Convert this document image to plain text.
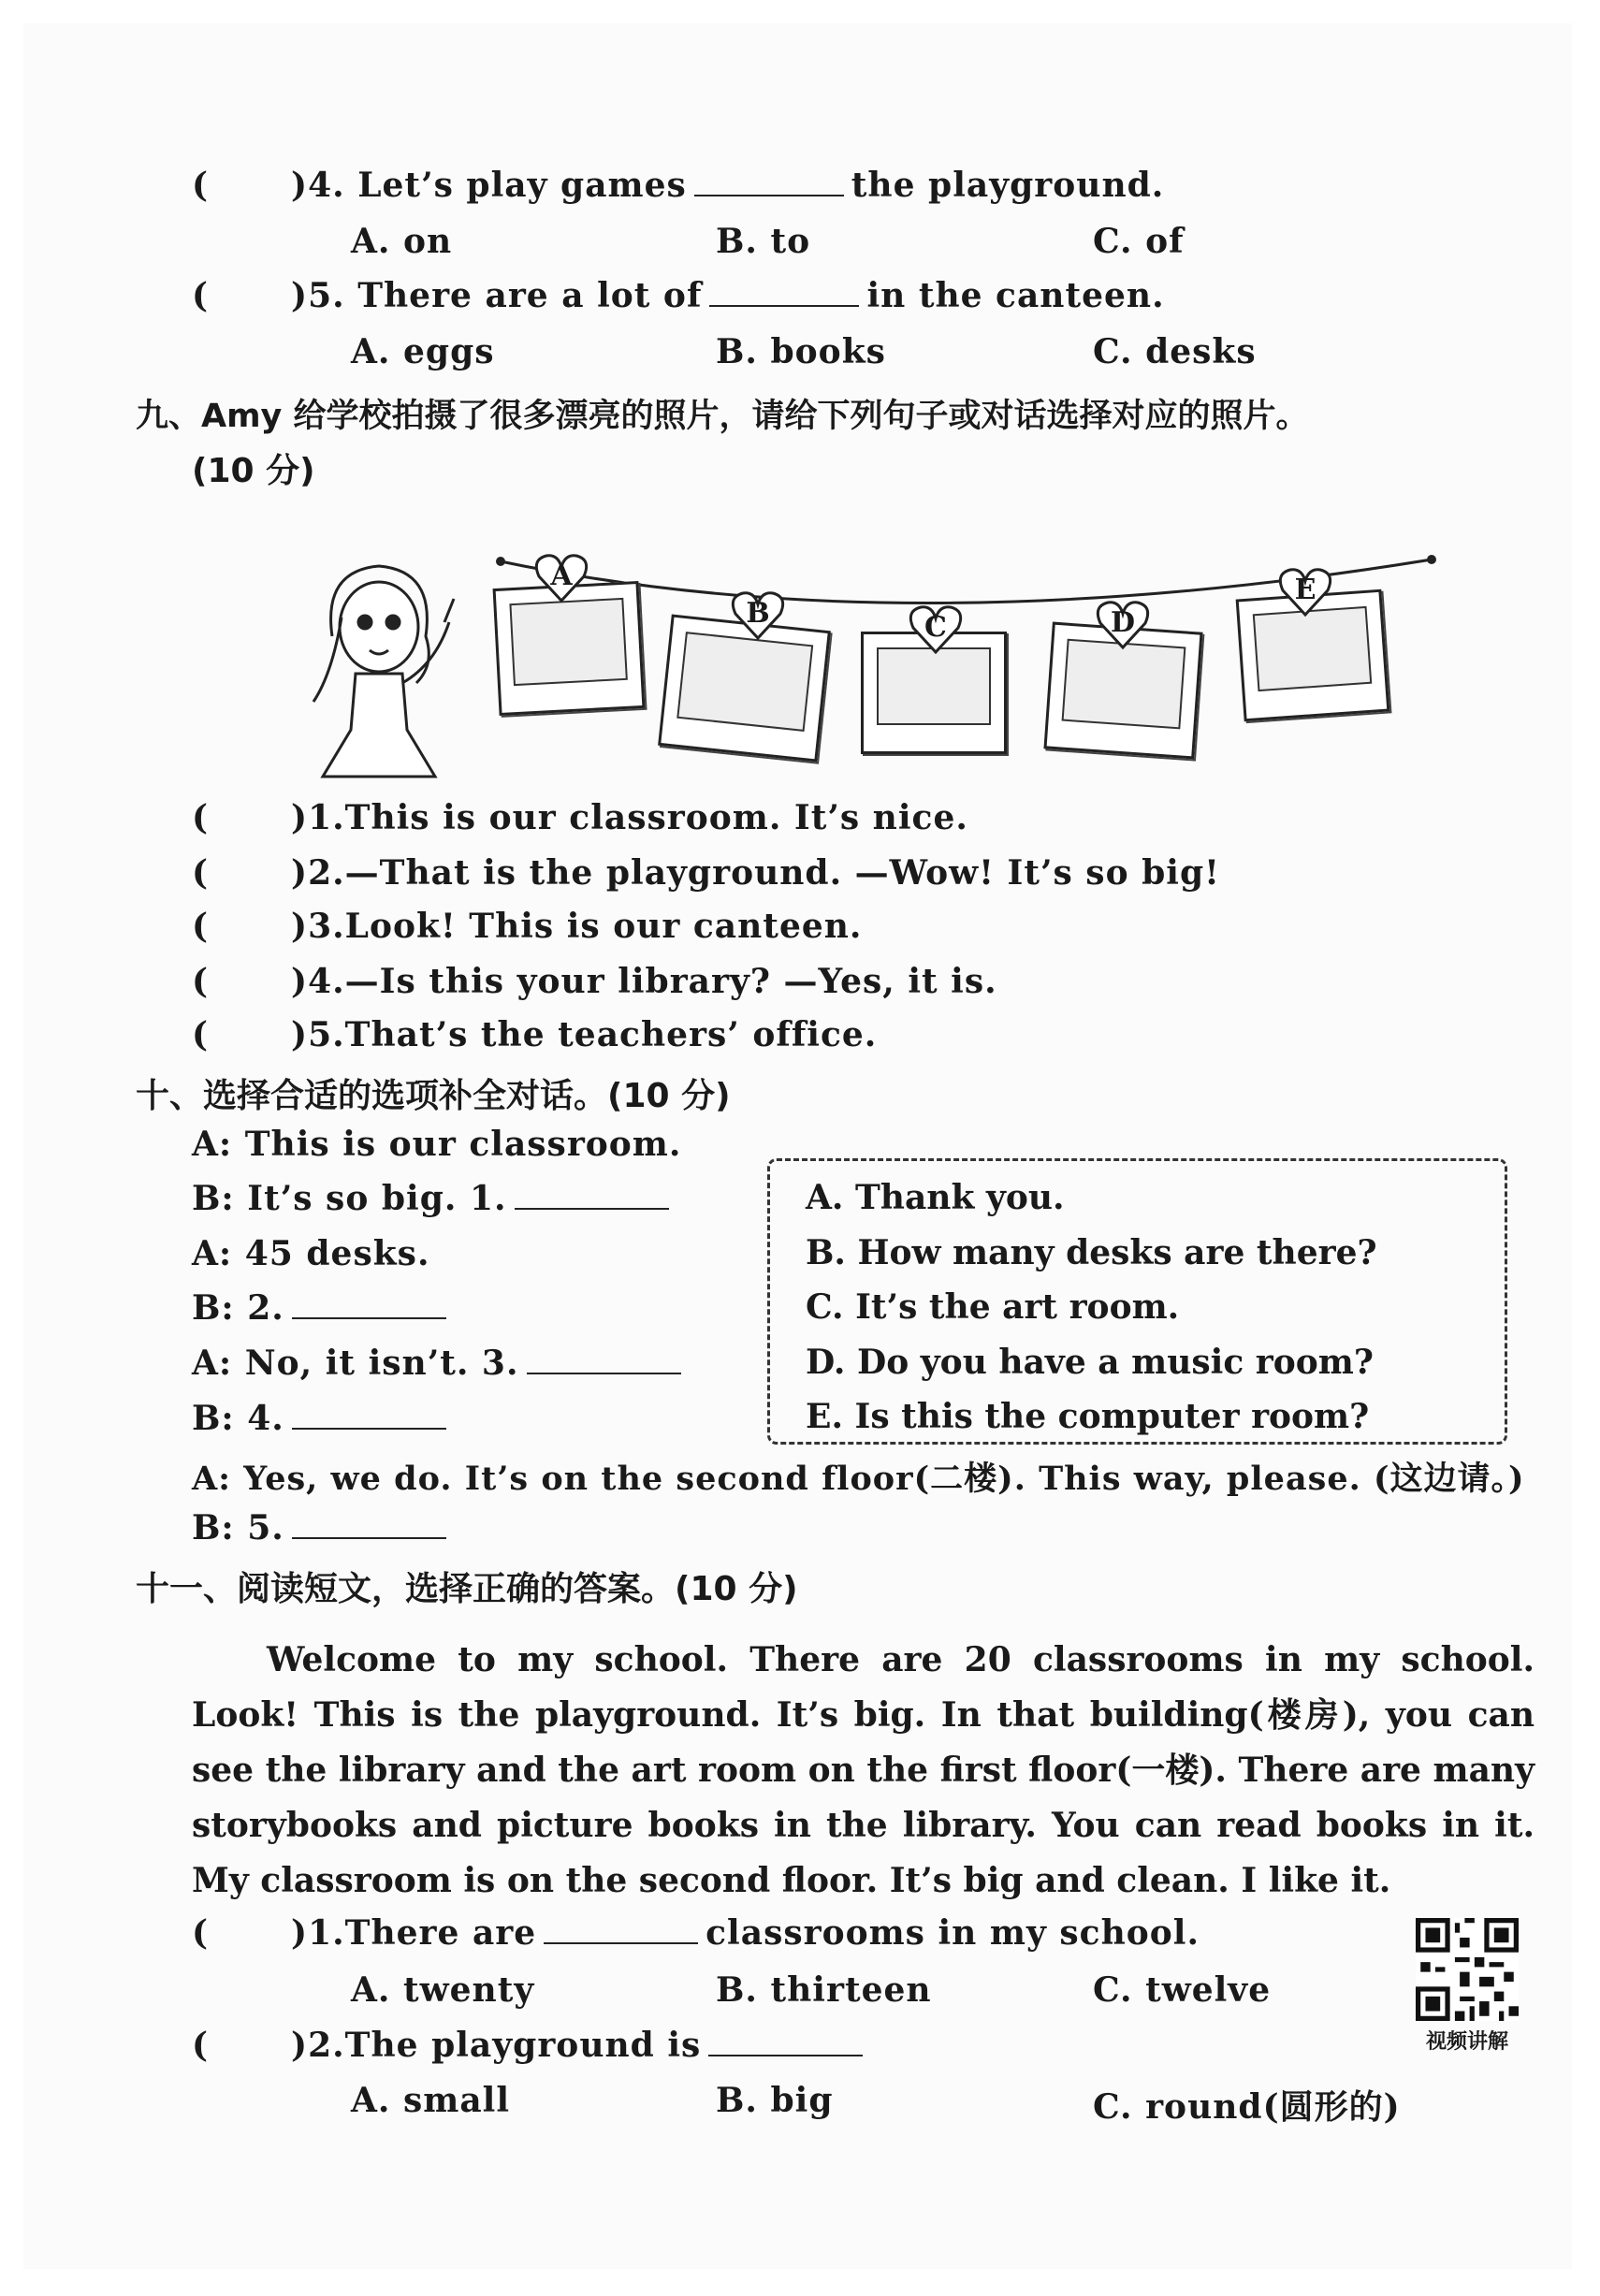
( )4. Let’s play games	the playground.
A. on	B. to	C. of
( )5. There are a lot of	in the canteen.
A. eggs	B. books	C. desks
九、Amy 给学校拍摄了很多漂亮的照片，请给下列句子或对话选择对应的照片。
(10 分)
A
B	C	D
E
( )1.This is our classroom. It’s nice.
( )2.—That is the playground. —Wow! It’s so big!
( )3.Look! This is our canteen.
( )4.—Is this your library? —Yes, it is.
( )5.That’s the teachers’ office.
十、选择合适的选项补全对话。(10 分)
A: This is our classroom.
B: It’s so big. 1.
A: 45 desks.
B: 2.
A: No, it isn’t. 3.
B: 4.
A: Yes, we do. It’s on the second floor(二楼). This way, please. (这边请。)
B: 5.
A. Thank you.
B. How many desks are there?
C. It’s the art room.
D. Do you have a music room?
E. Is this the computer room?
十一、阅读短文，选择正确的答案。(10 分)

Welcome to my school. There are 20 classrooms in my school. Look! This is the playground. It’s big. In that building(楼房), you can see the library and the art room on the first floor(一楼). There are many storybooks and picture books in the library. You can read books in it. My classroom is on the second floor. It’s big and clean. I like it.

( )1.There are	classrooms in my school.
A. twenty	B. thirteen	C. twelve
( )2.The playground is
A. small	B. big	C. round(圆形的)
视频讲解
